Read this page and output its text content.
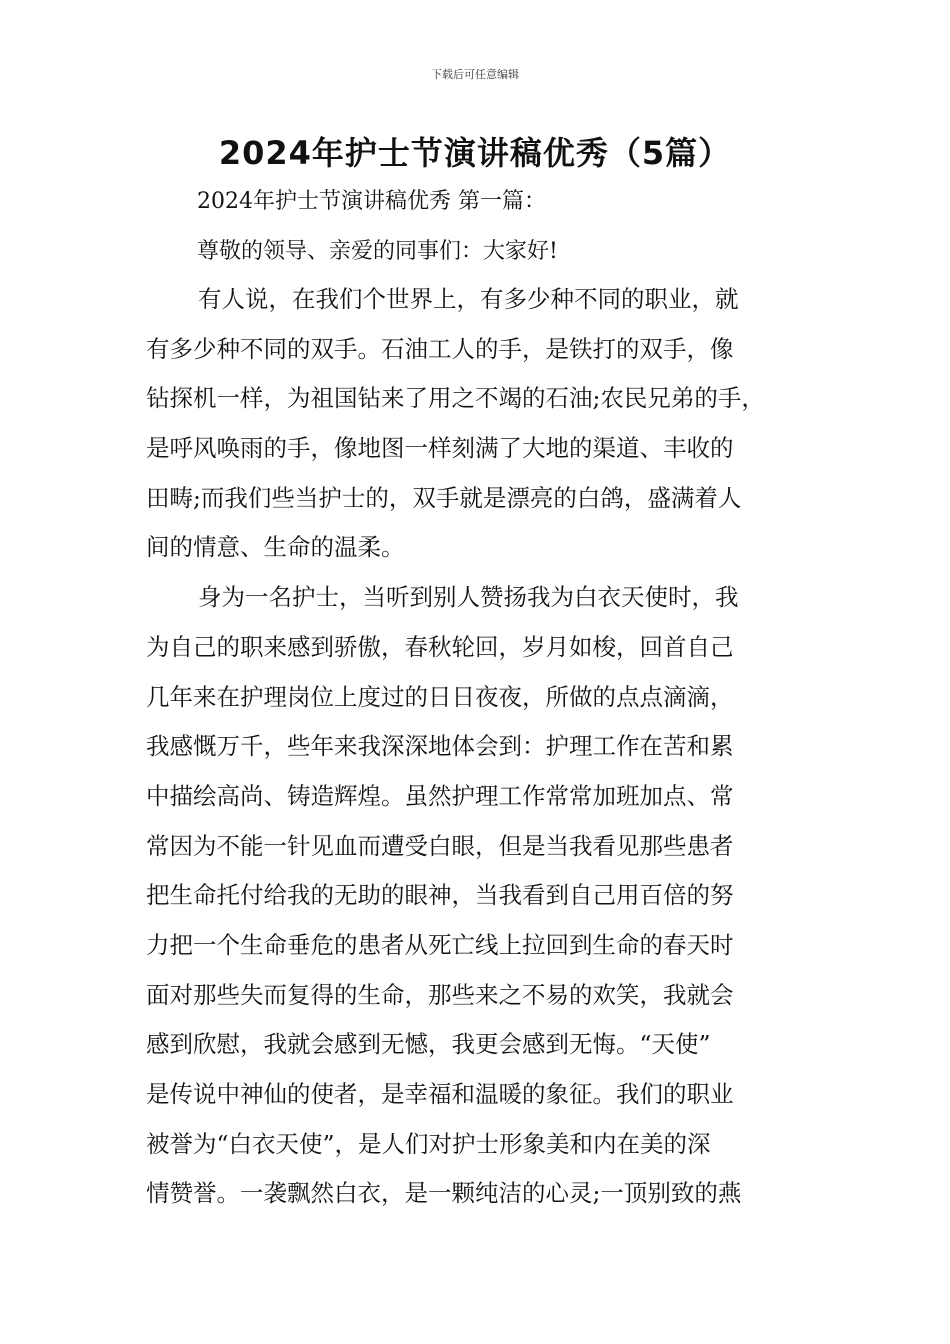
下载后可任意编辑
2024年护士节演讲稿优秀（5篇）
2024年护士节演讲稿优秀 第一篇：
尊敬的领导、亲爱的同事们：大家好!
有人说，在我们个世界上，有多少种不同的职业，就
有多少种不同的双手。石油工人的手，是铁打的双手，像
钻探机一样，为祖国钻来了用之不竭的石油;农民兄弟的手，
是呼风唤雨的手，像地图一样刻满了大地的渠道、丰收的
田畴;而我们些当护士的，双手就是漂亮的白鸽，盛满着人
间的情意、生命的温柔。
身为一名护士，当听到别人赞扬我为白衣天使时，我
为自己的职来感到骄傲，春秋轮回，岁月如梭，回首自己
几年来在护理岗位上度过的日日夜夜，所做的点点滴滴，
我感慨万千，些年来我深深地体会到：护理工作在苦和累
中描绘高尚、铸造辉煌。虽然护理工作常常加班加点、常
常因为不能一针见血而遭受白眼，但是当我看见那些患者
把生命托付给我的无助的眼神，当我看到自己用百倍的努
力把一个生命垂危的患者从死亡线上拉回到生命的春天时
面对那些失而复得的生命，那些来之不易的欢笑，我就会
感到欣慰，我就会感到无憾，我更会感到无悔。“天使”
是传说中神仙的使者，是幸福和温暖的象征。我们的职业
被誉为“白衣天使”，是人们对护士形象美和内在美的深
情赞誉。一袭飘然白衣，是一颗纯洁的心灵;一顶别致的燕
